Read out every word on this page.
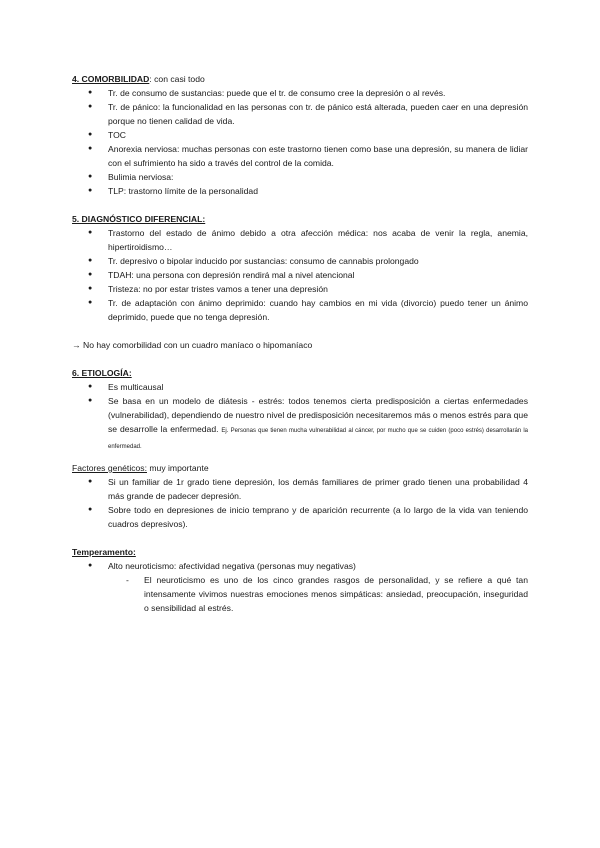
4. COMORBILIDAD: con casi todo

● Tr. de consumo de sustancias: puede que el tr. de consumo cree la depresión o al revés.
● Tr. de pánico: la funcionalidad en las personas con tr. de pánico está alterada, pueden caer en una depresión porque no tienen calidad de vida.
● TOC
● Anorexia nerviosa: muchas personas con este trastorno tienen como base una depresión, su manera de lidiar con el sufrimiento ha sido a través del control de la comida.
● Bulimia nerviosa:
● TLP: trastorno límite de la personalidad

5. DIAGNÓSTICO DIFERENCIAL:

● Trastorno del estado de ánimo debido a otra afección médica: nos acaba de venir la regla, anemia, hipertiroidismo…
● Tr. depresivo o bipolar inducido por sustancias: consumo de cannabis prolongado
● TDAH: una persona con depresión rendirá mal a nivel atencional
● Tristeza: no por estar tristes vamos a tener una depresión
● Tr. de adaptación con ánimo deprimido: cuando hay cambios en mi vida (divorcio) puedo tener un ánimo deprimido, puede que no tenga depresión.

→ No hay comorbilidad con un cuadro maníaco o hipomaníaco

6. ETIOLOGÍA:

● Es multicausal
● Se basa en un modelo de diátesis - estrés: todos tenemos cierta predisposición a ciertas enfermedades (vulnerabilidad), dependiendo de nuestro nivel de predisposición necesitaremos más o menos estrés para que se desarrolle la enfermedad. Ej. Personas que tienen mucha vulnerabilidad al cáncer, por mucho que se cuiden (poco estrés) desarrollarán la enfermedad.

Factores genéticos: muy importante

● Si un familiar de 1r grado tiene depresión, los demás familiares de primer grado tienen una probabilidad 4 más grande de padecer depresión.
● Sobre todo en depresiones de inicio temprano y de aparición recurrente (a lo largo de la vida van teniendo cuadros depresivos).

Temperamento:

● Alto neuroticismo: afectividad negativa (personas muy negativas)
- El neuroticismo es uno de los cinco grandes rasgos de personalidad, y se refiere a qué tan intensamente vivimos nuestras emociones menos simpáticas: ansiedad, preocupación, inseguridad o sensibilidad al estrés.
